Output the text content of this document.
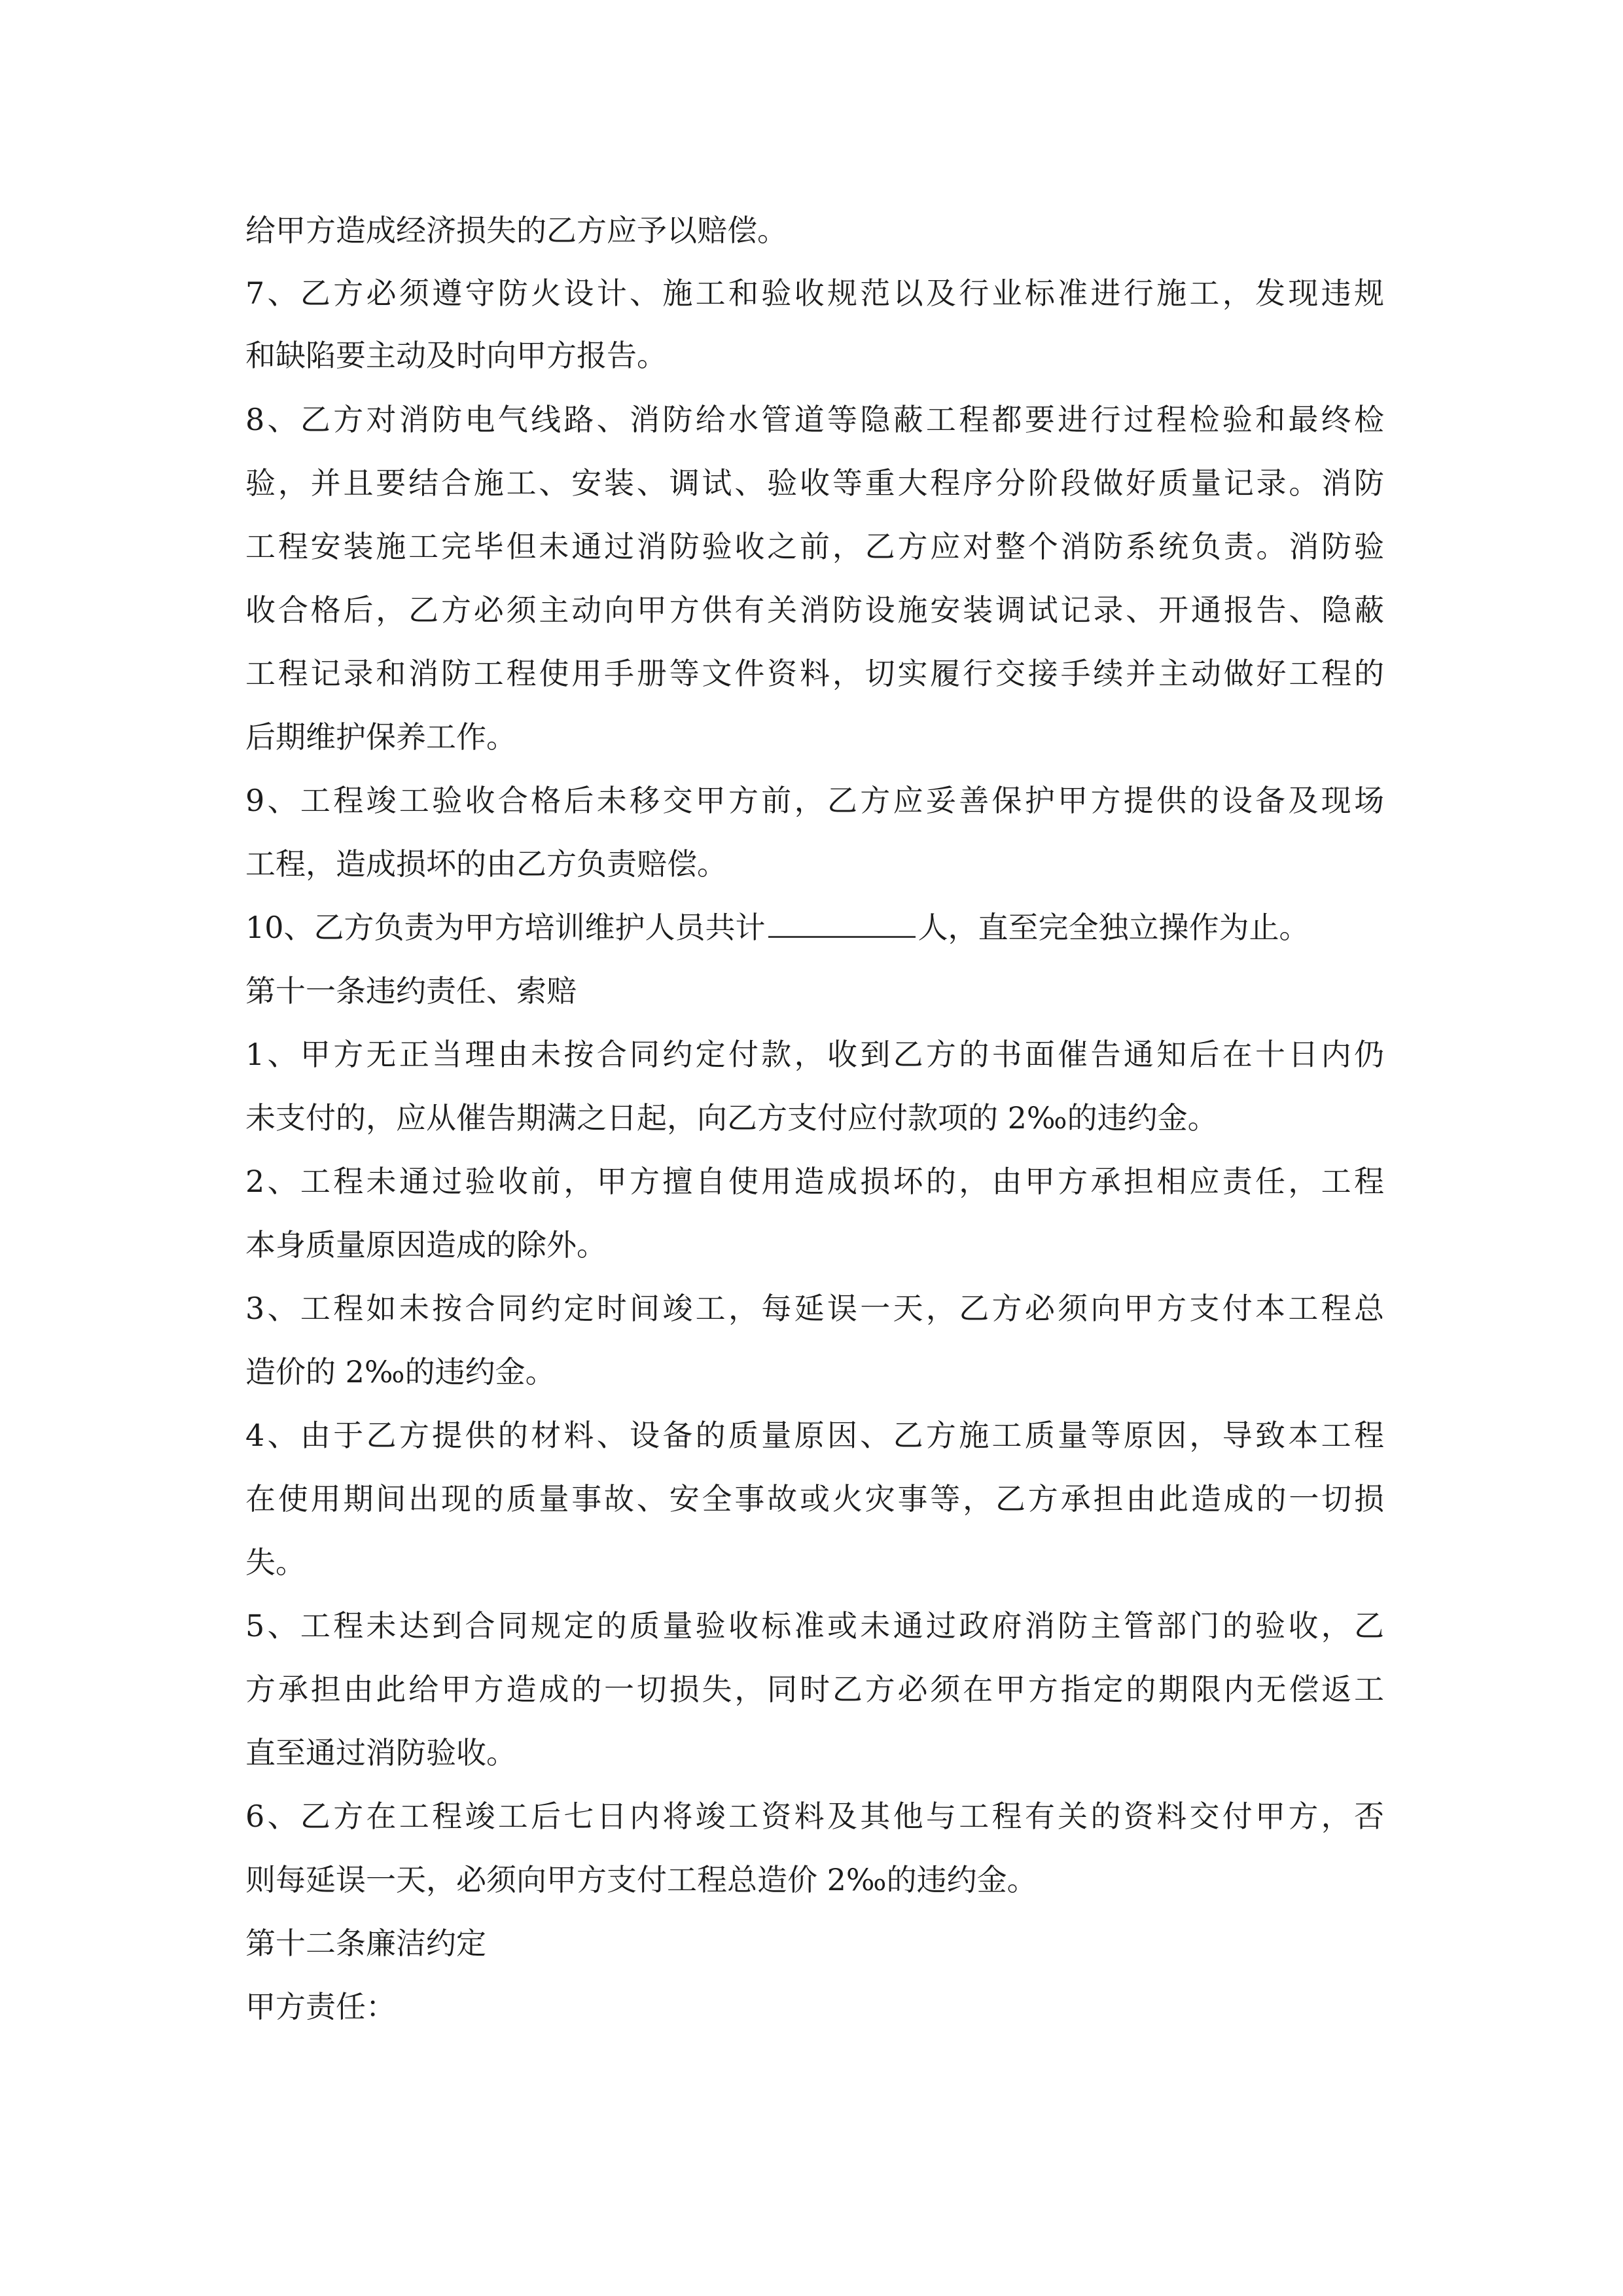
给甲方造成经济损失的乙方应予以赔偿。
7、乙方必须遵守防火设计、施工和验收规范以及行业标准进行施工，发现违规
和缺陷要主动及时向甲方报告。
8、乙方对消防电气线路、消防给水管道等隐蔽工程都要进行过程检验和最终检
验，并且要结合施工、安装、调试、验收等重大程序分阶段做好质量记录。消防
工程安装施工完毕但未通过消防验收之前，乙方应对整个消防系统负责。消防验
收合格后，乙方必须主动向甲方供有关消防设施安装调试记录、开通报告、隐蔽
工程记录和消防工程使用手册等文件资料，切实履行交接手续并主动做好工程的
后期维护保养工作。
9、工程竣工验收合格后未移交甲方前，乙方应妥善保护甲方提供的设备及现场
工程，造成损坏的由乙方负责赔偿。
10、乙方负责为甲方培训维护人员共计	人，直至完全独立操作为止。
第十一条违约责任、索赔
1、甲方无正当理由未按合同约定付款，收到乙方的书面催告通知后在十日内仍
未支付的，应从催告期满之日起，向乙方支付应付款项的 2‰的违约金。
2、工程未通过验收前，甲方擅自使用造成损坏的，由甲方承担相应责任，工程
本身质量原因造成的除外。
3、工程如未按合同约定时间竣工，每延误一天，乙方必须向甲方支付本工程总
造价的 2‰的违约金。
4、由于乙方提供的材料、设备的质量原因、乙方施工质量等原因，导致本工程
在使用期间出现的质量事故、安全事故或火灾事等，乙方承担由此造成的一切损
失。
5、工程未达到合同规定的质量验收标准或未通过政府消防主管部门的验收，乙
方承担由此给甲方造成的一切损失，同时乙方必须在甲方指定的期限内无偿返工
直至通过消防验收。
6、乙方在工程竣工后七日内将竣工资料及其他与工程有关的资料交付甲方，否
则每延误一天，必须向甲方支付工程总造价 2‰的违约金。
第十二条廉洁约定
甲方责任：
